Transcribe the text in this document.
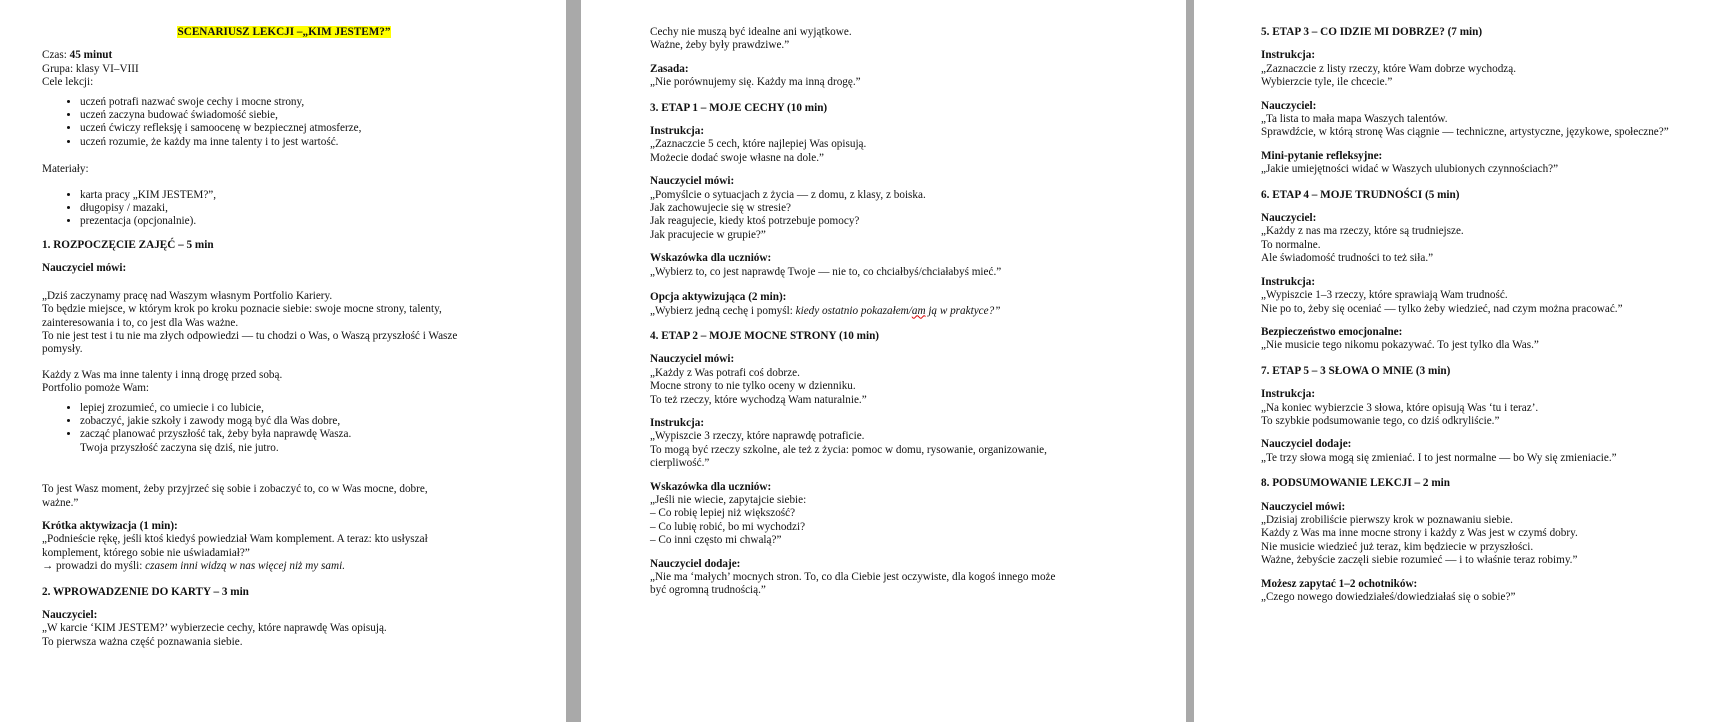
SCENARIUSZ LEKCJI –„KIM JESTEM?”
Czas: 45 minut
Grupa: klasy VI–VIII
Cele lekcji:
• uczeń potrafi nazwać swoje cechy i mocne strony,
• uczeń zaczyna budować świadomość siebie,
• uczeń ćwiczy refleksję i samoocenę w bezpiecznej atmosferze,
• uczeń rozumie, że każdy ma inne talenty i to jest wartość.
Materiały:
• karta pracy „KIM JESTEM?”,
• długopisy / mazaki,
• prezentacja (opcjonalnie).
1. ROZPOCZĘCIE ZAJĘĆ – 5 min
Nauczyciel mówi:
„Dziś zaczynamy pracę nad Waszym własnym Portfolio Kariery.
To będzie miejsce, w którym krok po kroku poznacie siebie: swoje mocne strony, talenty,
zainteresowania i to, co jest dla Was ważne.
To nie jest test i tu nie ma złych odpowiedzi — tu chodzi o Was, o Waszą przyszłość i Wasze
pomysły.
Każdy z Was ma inne talenty i inną drogę przed sobą.
Portfolio pomoże Wam:
• lepiej zrozumieć, co umiecie i co lubicie,
• zobaczyć, jakie szkoły i zawody mogą być dla Was dobre,
• zacząć planować przyszłość tak, żeby była naprawdę Wasza.
Twoja przyszłość zaczyna się dziś, nie jutro.
To jest Wasz moment, żeby przyjrzeć się sobie i zobaczyć to, co w Was mocne, dobre,
ważne.”
Krótka aktywizacja (1 min):
„Podnieście rękę, jeśli ktoś kiedyś powiedział Wam komplement. A teraz: kto usłyszał
komplement, którego sobie nie uświadamiał?”
→ prowadzi do myśli: czasem inni widzą w nas więcej niż my sami.
2. WPROWADZENIE DO KARTY – 3 min
Nauczyciel:
„W karcie ‘KIM JESTEM?’ wybierzecie cechy, które naprawdę Was opisują.
To pierwsza ważna część poznawania siebie.
Cechy nie muszą być idealne ani wyjątkowe.
Ważne, żeby były prawdziwe.”
Zasada:
„Nie porównujemy się. Każdy ma inną drogę.”
3. ETAP 1 – MOJE CECHY (10 min)
Instrukcja:
„Zaznaczcie 5 cech, które najlepiej Was opisują.
Możecie dodać swoje własne na dole.”
Nauczyciel mówi:
„Pomyślcie o sytuacjach z życia — z domu, z klasy, z boiska.
Jak zachowujecie się w stresie?
Jak reagujecie, kiedy ktoś potrzebuje pomocy?
Jak pracujecie w grupie?”
Wskazówka dla uczniów:
„Wybierz to, co jest naprawdę Twoje — nie to, co chciałbyś/chciałabyś mieć.”
Opcja aktywizująca (2 min):
„Wybierz jedną cechę i pomyśl: kiedy ostatnio pokazałem/am ją w praktyce?”
4. ETAP 2 – MOJE MOCNE STRONY (10 min)
Nauczyciel mówi:
„Każdy z Was potrafi coś dobrze.
Mocne strony to nie tylko oceny w dzienniku.
To też rzeczy, które wychodzą Wam naturalnie.”
Instrukcja:
„Wypiszcie 3 rzeczy, które naprawdę potraficie.
To mogą być rzeczy szkolne, ale też z życia: pomoc w domu, rysowanie, organizowanie,
cierpliwość.”
Wskazówka dla uczniów:
„Jeśli nie wiecie, zapytajcie siebie:
– Co robię lepiej niż większość?
– Co lubię robić, bo mi wychodzi?
– Co inni często mi chwalą?”
Nauczyciel dodaje:
„Nie ma ‘małych’ mocnych stron. To, co dla Ciebie jest oczywiste, dla kogoś innego może
być ogromną trudnością.”
5. ETAP 3 – CO IDZIE MI DOBRZE? (7 min)
Instrukcja:
„Zaznaczcie z listy rzeczy, które Wam dobrze wychodzą.
Wybierzcie tyle, ile chcecie.”
Nauczyciel:
„Ta lista to mała mapa Waszych talentów.
Sprawdźcie, w którą stronę Was ciągnie — techniczne, artystyczne, językowe, społeczne?”
Mini-pytanie refleksyjne:
„Jakie umiejętności widać w Waszych ulubionych czynnościach?”
6. ETAP 4 – MOJE TRUDNOŚCI (5 min)
Nauczyciel:
„Każdy z nas ma rzeczy, które są trudniejsze.
To normalne.
Ale świadomość trudności to też siła.”
Instrukcja:
„Wypiszcie 1–3 rzeczy, które sprawiają Wam trudność.
Nie po to, żeby się oceniać — tylko żeby wiedzieć, nad czym można pracować.”
Bezpieczeństwo emocjonalne:
„Nie musicie tego nikomu pokazywać. To jest tylko dla Was.”
7. ETAP 5 – 3 SŁOWA O MNIE (3 min)
Instrukcja:
„Na koniec wybierzcie 3 słowa, które opisują Was ‘tu i teraz’.
To szybkie podsumowanie tego, co dziś odkryliście.”
Nauczyciel dodaje:
„Te trzy słowa mogą się zmieniać. I to jest normalne — bo Wy się zmieniacie.”
8. PODSUMOWANIE LEKCJI – 2 min
Nauczyciel mówi:
„Dzisiaj zrobiliście pierwszy krok w poznawaniu siebie.
Każdy z Was ma inne mocne strony i każdy z Was jest w czymś dobry.
Nie musicie wiedzieć już teraz, kim będziecie w przyszłości.
Ważne, żebyście zaczęli siebie rozumieć — i to właśnie teraz robimy.”
Możesz zapytać 1–2 ochotników:
„Czego nowego dowiedziałeś/dowiedziałaś się o sobie?”
